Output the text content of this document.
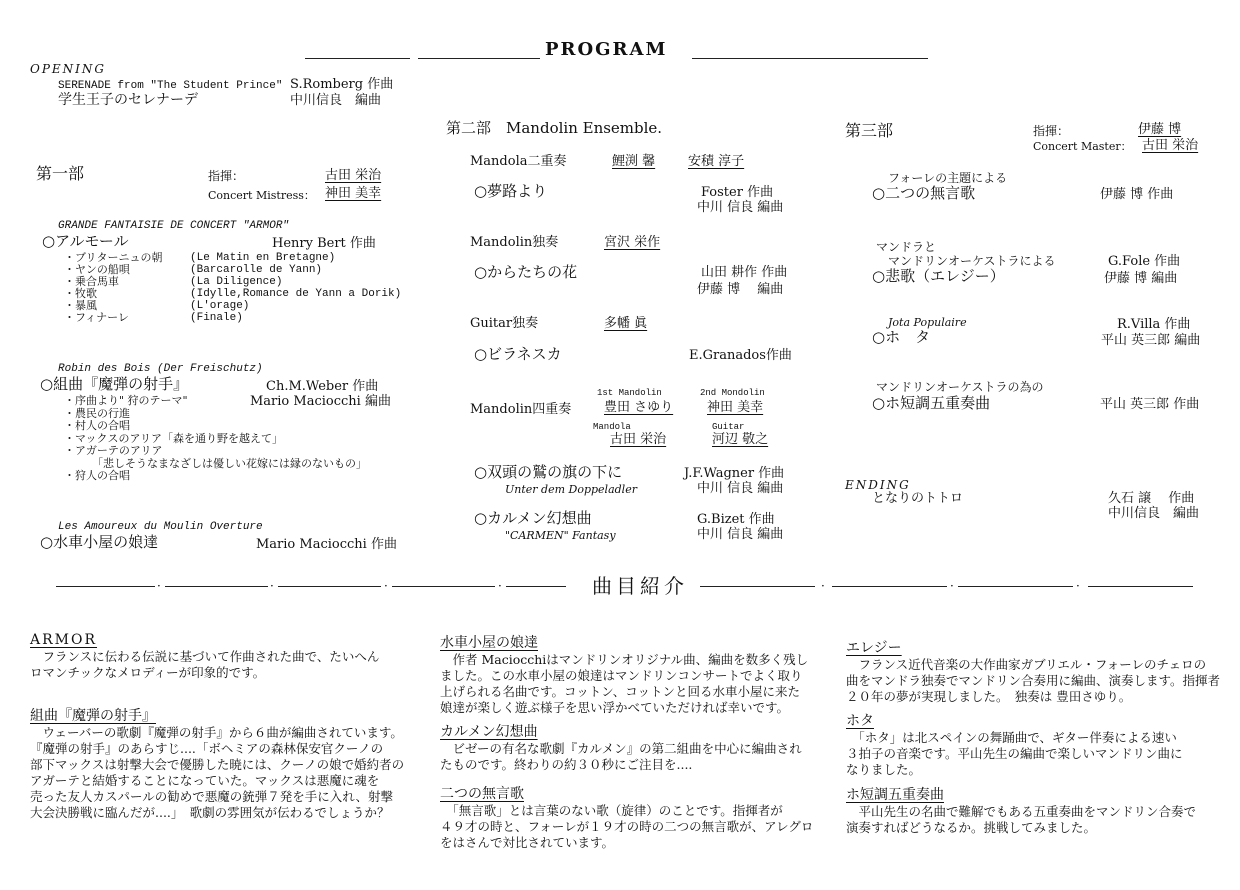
PROGRAM
OPENING
SERENADE from "The Student Prince"
学生王子のセレナーデ
S.Romberg 作曲
中川信良　編曲
第一部	指揮：	古田 栄治
Concert Mistress： 神田 美幸
GRANDE FANTAISIE DE CONCERT "ARMOR"
○アルモール	Henry Bert 作曲
・ブリターニュの朝 (Le Matin en Bretagne)
・ヤンの船唄	(Barcarolle de Yann)
・乗合馬車	(La Diligence)
・牧歌	(Idylle,Romance de Yann a Dorik)
・暴風	(L'orage)
・フィナーレ	(Finale)
Robin des Bois (Der Freischutz)
○組曲『魔弾の射手』	Ch.M.Weber 作曲
Mario Maciocchi 編曲
・序曲より" 狩のテーマ"
・農民の行進
・村人の合唱
・マックスのアリア「森を通り野を越えて」
・アガーテのアリア
「悲しそうなまなざしは優しい花嫁には縁のないもの」
・狩人の合唱
Les Amoureux du Moulin Overture
○水車小屋の娘達	Mario Maciocchi 作曲
第二部　Mandolin Ensemble.
Mandola二重奏	鯉渕 馨	安積 淳子
○夢路より	Foster 作曲
中川 信良 編曲
Mandolin独奏	宮沢 栄作
○からたちの花	山田 耕作 作曲
伊藤 博　 編曲
Guitar独奏	多幡 眞
○ビラネスカ	E.Granados作曲
Mandolin四重奏
1st Mandolin
豊田 さゆり
2nd Mondolin
神田 美幸
Mandola
古田 栄治
Guitar
河辺 敬之
○双頭の鷲の旗の下に
Unter dem Doppeladler
J.F.Wagner 作曲
中川 信良 編曲
○カルメン幻想曲
"CARMEN" Fantasy
G.Bizet 作曲
中川 信良 編曲
第三部	指揮：	伊藤 博
Concert Master： 古田 栄治
フォーレの主題による
○二つの無言歌	伊藤 博 作曲
マンドラと
マンドリンオーケストラによる
○悲歌（エレジー）
G.Fole 作曲
伊藤 博 編曲
Jota Populaire
○ホ　タ
R.Villa 作曲
平山 英三郎 編曲
マンドリンオーケストラの為の
○ホ短調五重奏曲	平山 英三郎 作曲
ENDING
となりのトトロ	久石 譲　 作曲
中川信良　編曲
·	·	·	·	曲目紹介	·	·	·
ARMOR
　フランスに伝わる伝説に基づいて作曲された曲で、たいへん
ロマンチックなメロディーが印象的です。
組曲『魔弾の射手』
　ウェーバーの歌劇『魔弾の射手』から６曲が編曲されています。
『魔弾の射手』のあらすじ....「ボヘミアの森林保安官クーノの
部下マックスは射撃大会で優勝した暁には、クーノの娘で婚約者の
アガーテと結婚することになっていた。マックスは悪魔に魂を
売った友人カスパールの勧めで悪魔の銃弾７発を手に入れ、射撃
大会決勝戦に臨んだが....」　歌劇の雰囲気が伝わるでしょうか？
水車小屋の娘達
　作者 Maciocchiはマンドリンオリジナル曲、編曲を数多く残し
ました。この水車小屋の娘達はマンドリンコンサートでよく取り
上げられる名曲です。コットン、コットンと回る水車小屋に来た
娘達が楽しく遊ぶ様子を思い浮かべていただければ幸いです。
カルメン幻想曲
　ビゼーの有名な歌劇『カルメン』の第二組曲を中心に編曲され
たものです。終わりの約３０秒にご注目を....
二つの無言歌
　「無言歌」とは言葉のない歌（旋律）のことです。指揮者が
４９才の時と、フォーレが１９才の時の二つの無言歌が、アレグロ
をはさんで対比されています。
エレジー
　フランス近代音楽の大作曲家ガブリエル・フォーレのチェロの
曲をマンドラ独奏でマンドリン合奏用に編曲、演奏します。指揮者
２０年の夢が実現しました。　独奏は 豊田さゆり。
ホタ
　「ホタ」は北スペインの舞踊曲で、ギター伴奏による速い
３拍子の音楽です。平山先生の編曲で楽しいマンドリン曲に
なりました。
ホ短調五重奏曲
　平山先生の名曲で難解でもある五重奏曲をマンドリン合奏で
演奏すればどうなるか。挑戦してみました。
